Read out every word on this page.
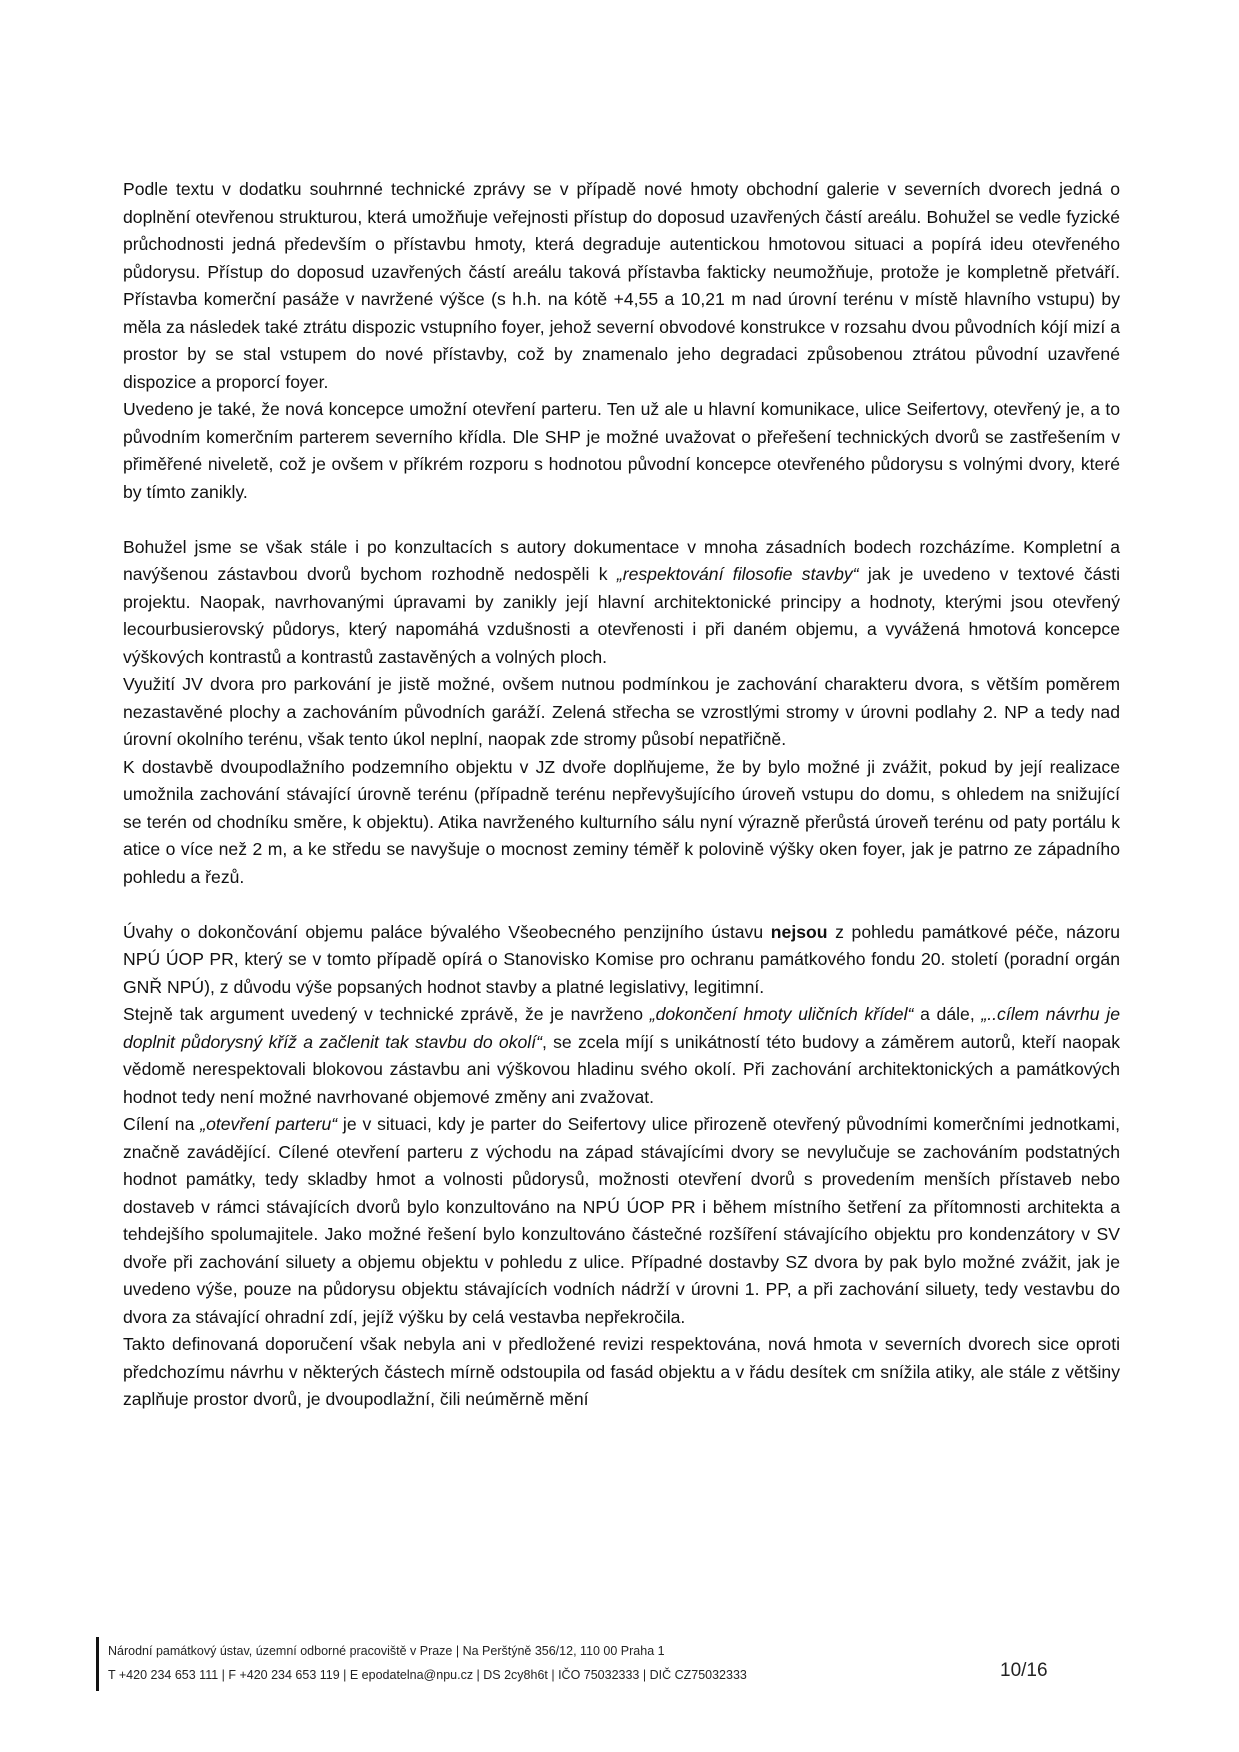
Podle textu v dodatku souhrnné technické zprávy se v případě nové hmoty obchodní galerie v severních dvorech jedná o doplnění otevřenou strukturou, která umožňuje veřejnosti přístup do doposud uzavřených částí areálu. Bohužel se vedle fyzické průchodnosti jedná především o přístavbu hmoty, která degraduje autentickou hmotovou situaci a popírá ideu otevřeného půdorysu. Přístup do doposud uzavřených částí areálu taková přístavba fakticky neumožňuje, protože je kompletně přetváří. Přístavba komerční pasáže v navržené výšce (s h.h. na kótě +4,55 a 10,21 m nad úrovní terénu v místě hlavního vstupu) by měla za následek také ztrátu dispozic vstupního foyer, jehož severní obvodové konstrukce v rozsahu dvou původních kójí mizí a prostor by se stal vstupem do nové přístavby, což by znamenalo jeho degradaci způsobenou ztrátou původní uzavřené dispozice a proporcí foyer.

Uvedeno je také, že nová koncepce umožní otevření parteru. Ten už ale u hlavní komunikace, ulice Seifertovy, otevřený je, a to původním komerčním parterem severního křídla. Dle SHP je možné uvažovat o přeřešení technických dvorů se zastřešením v přiměřené niveletě, což je ovšem v příkrém rozporu s hodnotou původní koncepce otevřeného půdorysu s volnými dvory, které by tímto zanikly.

Bohužel jsme se však stále i po konzultacích s autory dokumentace v mnoha zásadních bodech rozcházíme. Kompletní a navýšenou zástavbou dvorů bychom rozhodně nedospěli k „respektování filosofie stavby“ jak je uvedeno v textové části projektu. Naopak, navrhovanými úpravami by zanikly její hlavní architektonické principy a hodnoty, kterými jsou otevřený lecourbusierovský půdorys, který napomáhá vzdušnosti a otevřenosti i při daném objemu, a vyvážená hmotová koncepce výškových kontrastů a kontrastů zastavěných a volných ploch.

Využití JV dvora pro parkování je jistě možné, ovšem nutnou podmínkou je zachování charakteru dvora, s větším poměrem nezastavěné plochy a zachováním původních garáží. Zelená střecha se vzrostlými stromy v úrovni podlahy 2. NP a tedy nad úrovní okolního terénu, však tento úkol neplní, naopak zde stromy působí nepatřičně.

K dostavbě dvoupodlažního podzemního objektu v JZ dvoře doplňujeme, že by bylo možné ji zvážit, pokud by její realizace umožnila zachování stávající úrovně terénu (případně terénu nepřevyšujícího úroveň vstupu do domu, s ohledem na snižující se terén od chodníku směre, k objektu). Atika navrženého kulturního sálu nyní výrazně přerůstá úroveň terénu od paty portálu k atice o více než 2 m, a ke středu se navyšuje o mocnost zeminy téměř k polovině výšky oken foyer, jak je patrno ze západního pohledu a řezů.

Úvahy o dokončování objemu paláce bývalého Všeobecného penzijního ústavu nejsou z pohledu památkové péče, názoru NPÚ ÚOP PR, který se v tomto případě opírá o Stanovisko Komise pro ochranu památkového fondu 20. století (poradní orgán GNŘ NPÚ), z důvodu výše popsaných hodnot stavby a platné legislativy, legitimní.

Stejně tak argument uvedený v technické zprávě, že je navrženo „dokončení hmoty uličních křídel“ a dále, „..cílem návrhu je doplnit půdorysný kříž a začlenit tak stavbu do okolí“, se zcela míjí s unikátností této budovy a záměrem autorů, kteří naopak vědomě nerespektovali blokovou zástavbu ani výškovou hladinu svého okolí. Při zachování architektonických a památkových hodnot tedy není možné navrhované objemové změny ani zvažovat.

Cílení na „otevření parteru“ je v situaci, kdy je parter do Seifertovy ulice přirozeně otevřený původními komerčními jednotkami, značně zavádějící. Cílené otevření parteru z východu na západ stávajícími dvory se nevylučuje se zachováním podstatných hodnot památky, tedy skladby hmot a volnosti půdorysů, možnosti otevření dvorů s provedením menších přístaveb nebo dostaveb v rámci stávajících dvorů bylo konzultováno na NPÚ ÚOP PR i během místního šetření za přítomnosti architekta a tehdejšího spolumajitele. Jako možné řešení bylo konzultováno částečné rozšíření stávajícího objektu pro kondenzátory v SV dvoře při zachování siluety a objemu objektu v pohledu z ulice. Případné dostavby SZ dvora by pak bylo možné zvážit, jak je uvedeno výše, pouze na půdorysu objektu stávajících vodních nádrží v úrovni 1. PP, a při zachování siluety, tedy vestavbu do dvora za stávající ohradní zdí, jejíž výšku by celá vestavba nepřekročila.

Takto definovaná doporučení však nebyla ani v předložené revizi respektována, nová hmota v severních dvorech sice oproti předchozímu návrhu v některých částech mírně odstoupila od fasád objektu a v řádu desítek cm snížila atiky, ale stále z většiny zaplňuje prostor dvorů, je dvoupodlažní, čili neúměrně mění

Národní památkový ústav, územní odborné pracoviště v Praze | Na Perštýně 356/12, 110 00 Praha 1
T +420 234 653 111 | F +420 234 653 119 | E epodatelna@npu.cz | DS 2cy8h6t | IČO 75032333 | DIČ CZ75032333	10/16
